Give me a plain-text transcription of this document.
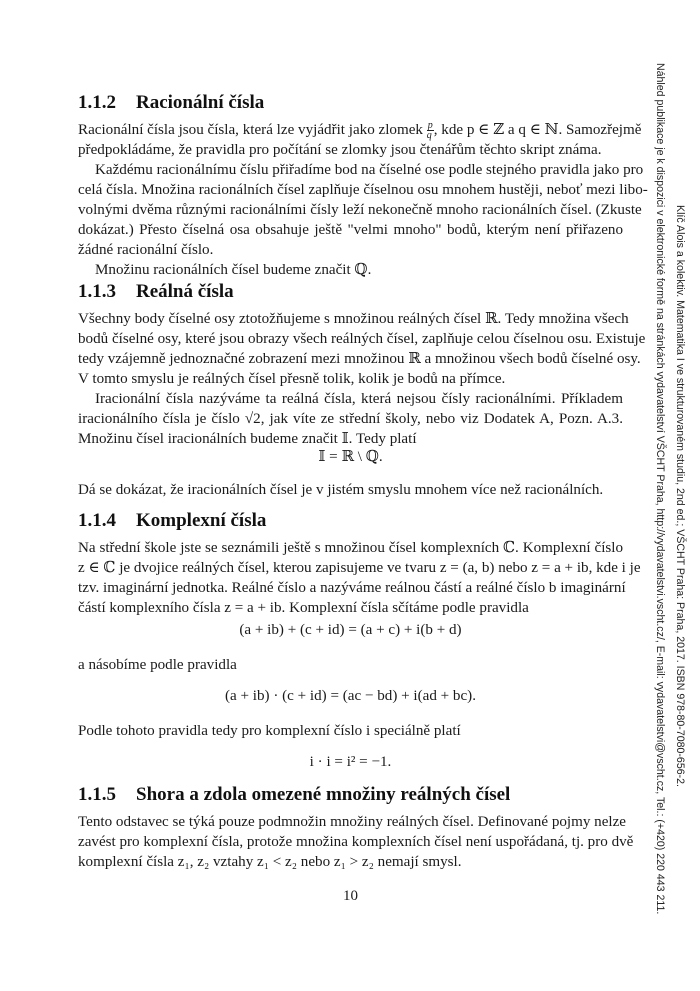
1.1.2 Racionální čísla
Racionální čísla jsou čísla, která lze vyjádřit jako zlomek $\frac{p}{q}$ , kde p ∈ ℤ a q ∈ ℕ. Samozřejmě
předpokládáme, že pravidla pro počítání se zlomky jsou čtenářům těchto skript známa.
Každému racionálnímu číslu přiřadíme bod na číselné ose podle stejného pravidla jako pro
celá čísla. Množina racionálních čísel zaplňuje číselnou osu mnohem hustěji, neboť mezi libo-
volnými dvěma různými racionálními čísly leží nekonečně mnoho racionálních čísel. (Zkuste
dokázat.) Přesto číselná osa obsahuje ještě "velmi mnoho" bodů, kterým není přiřazeno
žádné racionální číslo.
Množinu racionálních čísel budeme značit ℚ.
1.1.3 Reálná čísla
Všechny body číselné osy ztotožňujeme s množinou reálných čísel ℝ. Tedy množina všech
bodů číselné osy, které jsou obrazy všech reálných čísel, zaplňuje celou číselnou osu. Existuje
tedy vzájemně jednoznačné zobrazení mezi množinou ℝ a množinou všech bodů číselné osy.
V tomto smyslu je reálných čísel přesně tolik, kolik je bodů na přímce.
Iracionální čísla nazýváme ta reálná čísla, která nejsou čísly racionálními. Příkladem
iracionálního čísla je číslo √2, jak víte ze střední školy, nebo viz Dodatek A, Pozn. A.3.
Množinu čísel iracionálních budeme značit 𝕀. Tedy platí
𝕀 = ℝ \ ℚ.
Dá se dokázat, že iracionálních čísel je v jistém smyslu mnohem více než racionálních.
1.1.4 Komplexní čísla
Na střední škole jste se seznámili ještě s množinou čísel komplexních ℂ. Komplexní číslo
z ∈ ℂ je dvojice reálných čísel, kterou zapisujeme ve tvaru z = (a, b) nebo z = a + ib, kde i je
tzv. imaginární jednotka. Reálné číslo a nazýváme reálnou částí a reálné číslo b imaginární
částí komplexního čísla z = a + ib. Komplexní čísla sčítáme podle pravidla
(a + ib) + (c + id) = (a + c) + i(b + d)
a násobíme podle pravidla
(a + ib) · (c + id) = (ac − bd) + i(ad + bc).
Podle tohoto pravidla tedy pro komplexní číslo i speciálně platí
i · i = i² = −1.
1.1.5 Shora a zdola omezené množiny reálných čísel
Tento odstavec se týká pouze podmnožin množiny reálných čísel. Definované pojmy nelze
zavést pro komplexní čísla, protože množina komplexních čísel není uspořádaná, tj. pro dvě
komplexní čísla z₁, z₂ vztahy z₁ < z₂ nebo z₁ > z₂ nemají smysl.
10
Klíč Alois a kolektiv. Matematika I ve strukturovaném studiu, 2nd ed.; VŠCHT Praha: Praha, 2017. ISBN 978-80-7080-656-2.
Náhled publikace je k dispozici v elektronické formě na stránkách vydavatelství VŠCHT Praha, http://vydavatelstvi.vscht.cz/, E-mail: vydavatelstvi@vscht.cz, Tel.: (+420) 220 443 211.
